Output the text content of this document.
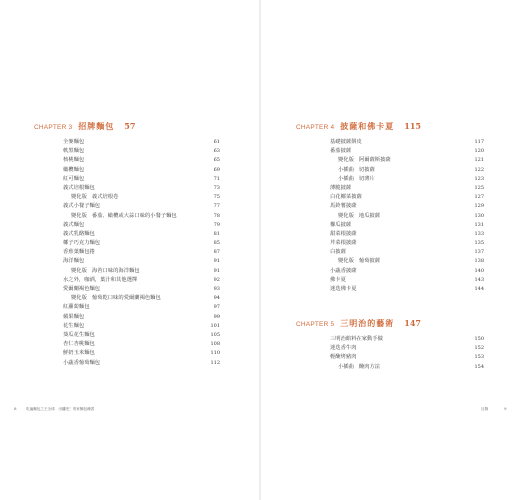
CHAPTER 3 招牌麵包 57
全麥麵包	61
軟黑麵包	63
核桃麵包	65
橄欖麵包	69
紅可麵包	71
義式培根麵包	73
變化版 義式培根卷	75
義式小餐子麵包	77
變化版 番茄、橄欖或大蒜口味的小餐子麵包	78
義式麵包	79
義式乳酪麵包	81
椰子巧克力麵包	85
香蕉葉麵包捲	87
海洋麵包	91
變化版 海苔口味的海洋麵包	91
水之外，咖酒，葉汁和其他選擇	92
愛爾蘭褐色麵包	93
變化版 葡萄乾口味的愛爾蘭褐色麵包	94
紅蘿蔔麵包	97
蘋果麵包	99
花生麵包	101
葵瓜花生麵包	105
杏仁杏桃麵包	108
鮮奶玉米麵包	110
小蔬香葡萄麵包	112
8	吃遍麵包之王全球　出爐吧！的家麵包練習
CHAPTER 4 披薩和佛卡夏 115
基礎披薩餅皮	117
番茄披薩	120
變化版 阿爾薩斯披薩	121
小插曲 切披薩	122
小插曲 切薄片	123
薄脆披薩	125
白花椰菜披薩	127
馬鈴薯披薩	129
變化版 地瓜披薩	130
櫛瓜披薩	131
甜菜根披薩	133
芹菜根披薩	135
白披薩	137
變化版 葡萄披薩	138
小蔬香披薩	140
佛卡夏	143
迷迭佛卡夏	144
CHAPTER 5 三明治的藝術 147
三明治餡料在家動手做	150
迷迭香牛肉	152
輕醃烤豬肉	153
小插曲 醃肉方法	154
目錄	9
